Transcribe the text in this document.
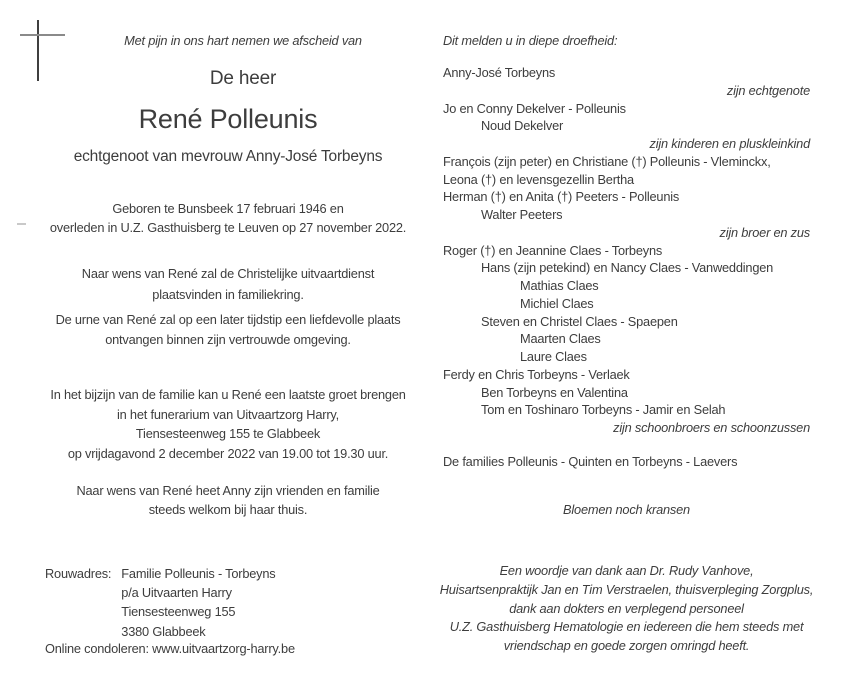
Met pijn in ons hart nemen we afscheid van
De heer
René Polleunis
echtgenoot van mevrouw Anny-José Torbeyns
Geboren te Bunsbeek 17 februari 1946 en
overleden in U.Z. Gasthuisberg te Leuven op 27 november 2022.
Naar wens van René zal de Christelijke uitvaartdienst
plaatsvinden in familiekring.
De urne van René zal op een later tijdstip een liefdevolle plaats
ontvangen binnen zijn vertrouwde omgeving.
In het bijzijn van de familie kan u René een laatste groet brengen
in het funerarium van Uitvaartzorg Harry,
Tiensesteenweg 155 te Glabbeek
op vrijdagavond 2 december 2022 van 19.00 tot 19.30 uur.
Naar wens van René heet Anny zijn vrienden en familie
steeds welkom bij haar thuis.
Rouwadres: Familie Polleunis - Torbeyns
p/a Uitvaarten Harry
Tiensesteenweg 155
3380 Glabbeek
Online condoleren: www.uitvaartzorg-harry.be
Dit melden u in diepe droefheid:
Anny-José Torbeyns
zijn echtgenote
Jo en Conny Dekelver - Polleunis
Noud Dekelver
zijn kinderen en pluskleinkind
François (zijn peter) en Christiane (†) Polleunis - Vleminckx,
Leona (†) en levensgezellin Bertha
Herman (†) en Anita (†) Peeters - Polleunis
Walter Peeters
zijn broer en zus
Roger (†) en Jeannine Claes - Torbeyns
Hans (zijn petekind) en Nancy Claes - Vanweddingen
Mathias Claes
Michiel Claes
Steven en Christel Claes - Spaepen
Maarten Claes
Laure Claes
Ferdy en Chris Torbeyns - Verlaek
Ben Torbeyns en Valentina
Tom en Toshinaro Torbeyns - Jamir en Selah
zijn schoonbroers en schoonzussen
De families Polleunis - Quinten en Torbeyns - Laevers
Bloemen noch kransen
Een woordje van dank aan Dr. Rudy Vanhove,
Huisartsenpraktijk Jan en Tim Verstraelen, thuisverpleging Zorgplus,
dank aan dokters en verplegend personeel
U.Z. Gasthuisberg Hematologie en iedereen die hem steeds met
vriendschap en goede zorgen omringd heeft.
